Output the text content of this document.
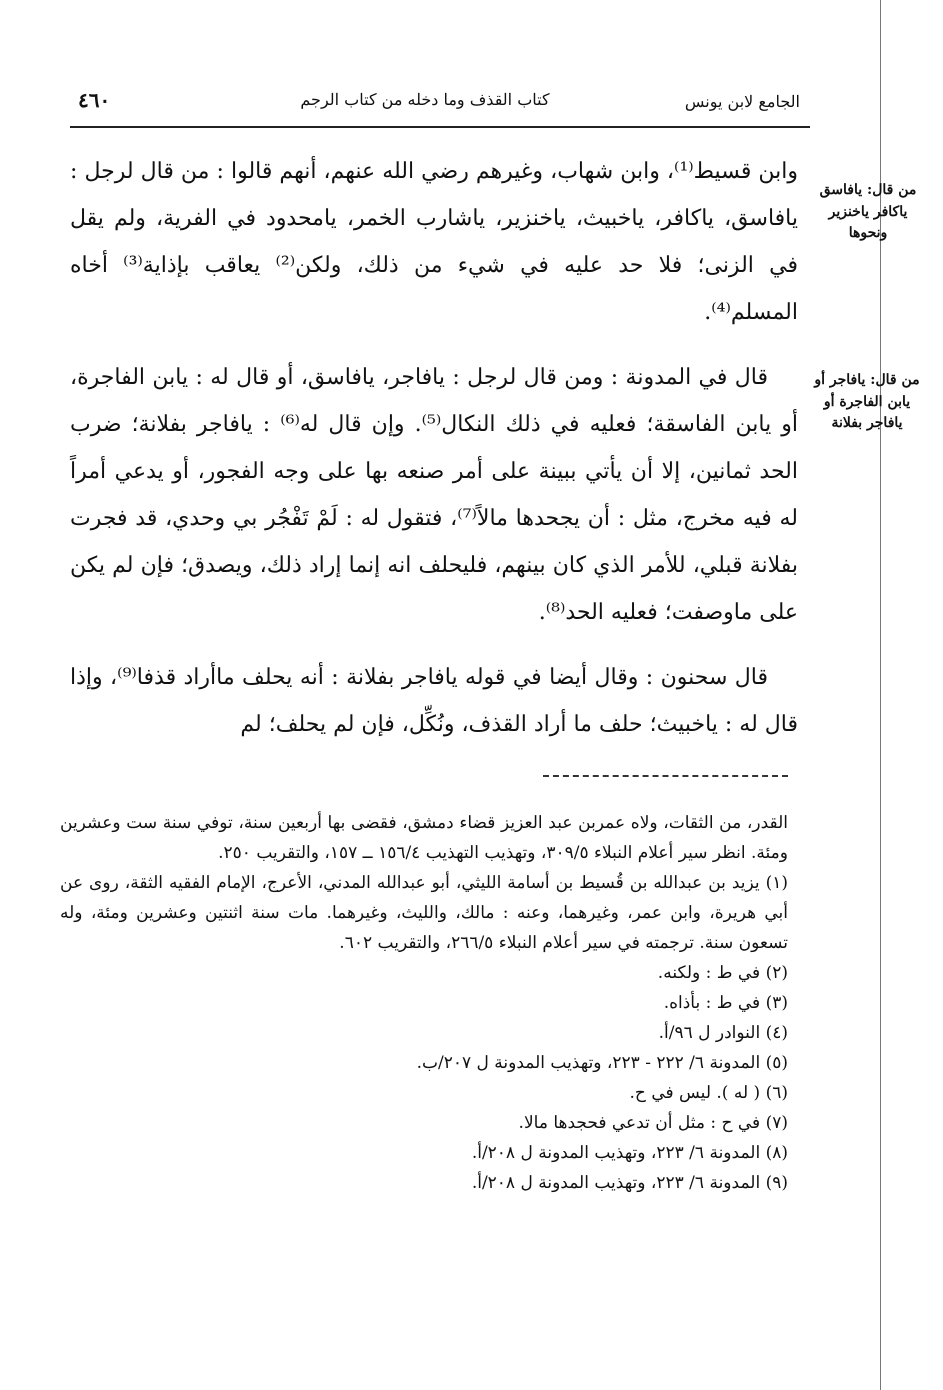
٤٦٠	كتاب القذف وما دخله من كتاب الرجم	الجامع لابن يونس
من قال: يافاسق ياكافر ياخنزير ونحوها
من قال: يافاجر أو يابن الفاجرة أو يافاجر بفلانة

وابن قسيط⁽¹⁾، وابن شهاب، وغيرهم رضي الله عنهم، أنهم قالوا : من قال لرجل : يافاسق، ياكافر، ياخبيث، ياخنزير، ياشارب الخمر، يامحدود في الفرية، ولم يقل في الزنى؛ فلا حد عليه في شيء من ذلك، ولكن⁽²⁾ يعاقب بإذاية⁽³⁾ أخاه المسلم⁽⁴⁾.

قال في المدونة : ومن قال لرجل : يافاجر، يافاسق، أو قال له : يابن الفاجرة، أو يابن الفاسقة؛ فعليه في ذلك النكال⁽⁵⁾. وإن قال له⁽⁶⁾ : يافاجر بفلانة؛ ضرب الحد ثمانين، إلا أن يأتي ببينة على أمر صنعه بها على وجه الفجور، أو يدعي أمراً له فيه مخرج، مثل : أن يجحدها مالاً⁽⁷⁾، فتقول له : لَمْ تَفْجُر بي وحدي، قد فجرت بفلانة قبلي، للأمر الذي كان بينهم، فليحلف انه إنما إراد ذلك، ويصدق؛ فإن لم يكن على ماوصفت؛ فعليه الحد⁽⁸⁾.

قال سحنون : وقال أيضا في قوله يافاجر بفلانة : أنه يحلف ماأراد قذفا⁽⁹⁾، وإذا قال له : ياخبيث؛ حلف ما أراد القذف، ونُكِّل، فإن لم يحلف؛ لم

القدر، من الثقات، ولاه عمربن عبد العزيز قضاء دمشق، فقضى بها أربعين سنة، توفي سنة ست وعشرين ومئة. انظر سير أعلام النبلاء ٣٠٩/٥، وتهذيب التهذيب ١٥٦/٤ ــ ١٥٧، والتقريب ٢٥٠.

(١) يزيد بن عبدالله بن قُسيط بن أسامة الليثي، أبو عبدالله المدني، الأعرج، الإمام الفقيه الثقة، روى عن أبي هريرة، وابن عمر، وغيرهما، وعنه : مالك، والليث، وغيرهما. مات سنة اثنتين وعشرين ومئة، وله تسعون سنة. ترجمته في سير أعلام النبلاء ٢٦٦/٥، والتقريب ٦٠٢.

(٢) في ط : ولكنه.

(٣) في ط : بأذاه.

(٤) النوادر ل ٩٦/أ.

(٥) المدونة ٦/ ٢٢٢ - ٢٢٣، وتهذيب المدونة ل ٢٠٧/ب.

(٦) ( له ). ليس في ح.

(٧) في ح : مثل أن تدعي فحجدها مالا.

(٨) المدونة ٦/ ٢٢٣، وتهذيب المدونة ل ٢٠٨/أ.

(٩) المدونة ٦/ ٢٢٣، وتهذيب المدونة ل ٢٠٨/أ.
